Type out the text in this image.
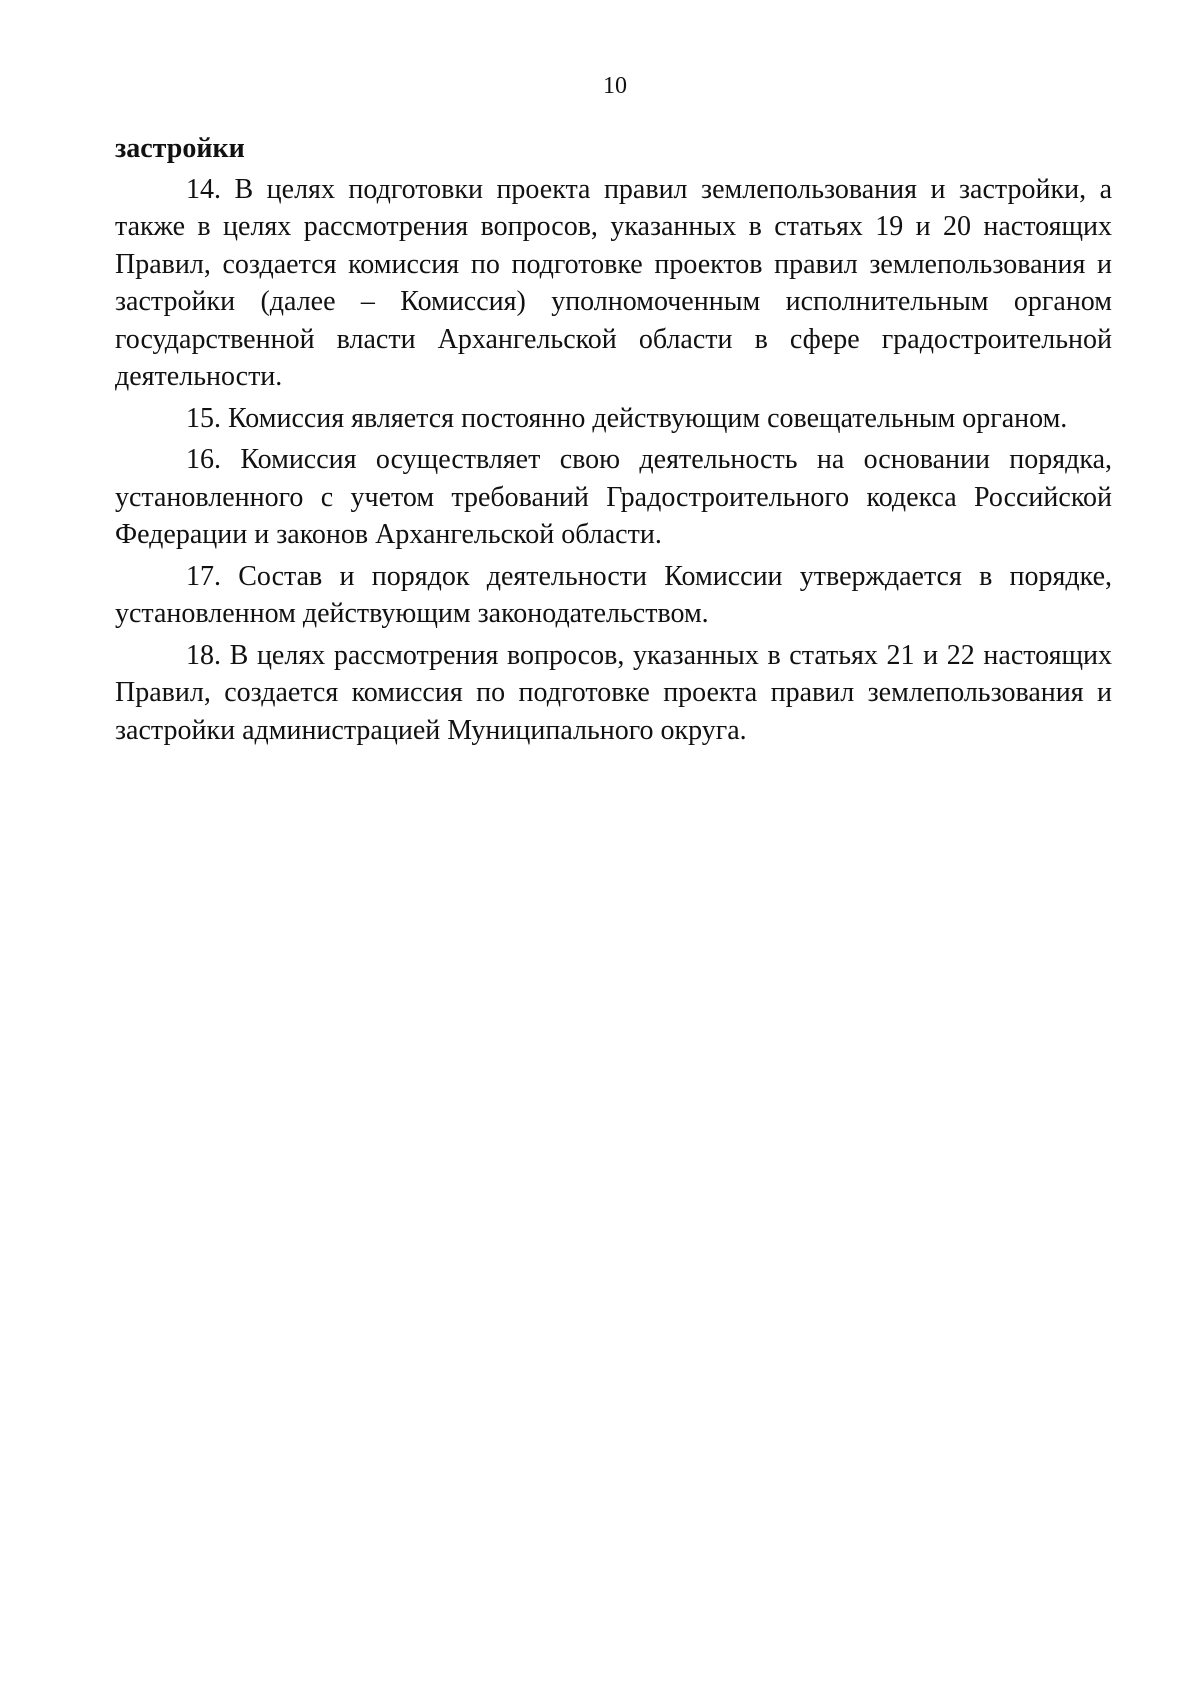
10
застройки

14. В целях подготовки проекта правил землепользования и застройки, а также в целях рассмотрения вопросов, указанных в статьях 19 и 20 настоящих Правил, создается комиссия по подготовке проектов правил землепользования и застройки (далее – Комиссия) уполномоченным исполнительным органом государственной власти Архангельской области в сфере градостроительной деятельности.

15. Комиссия является постоянно действующим совещательным органом.

16. Комиссия осуществляет свою деятельность на основании порядка, установленного с учетом требований Градостроительного кодекса Российской Федерации и законов Архангельской области.

17. Состав и порядок деятельности Комиссии утверждается в порядке, установленном действующим законодательством.

18. В целях рассмотрения вопросов, указанных в статьях 21 и 22 настоящих Правил, создается комиссия по подготовке проекта правил землепользования и застройки администрацией Муниципального округа.
